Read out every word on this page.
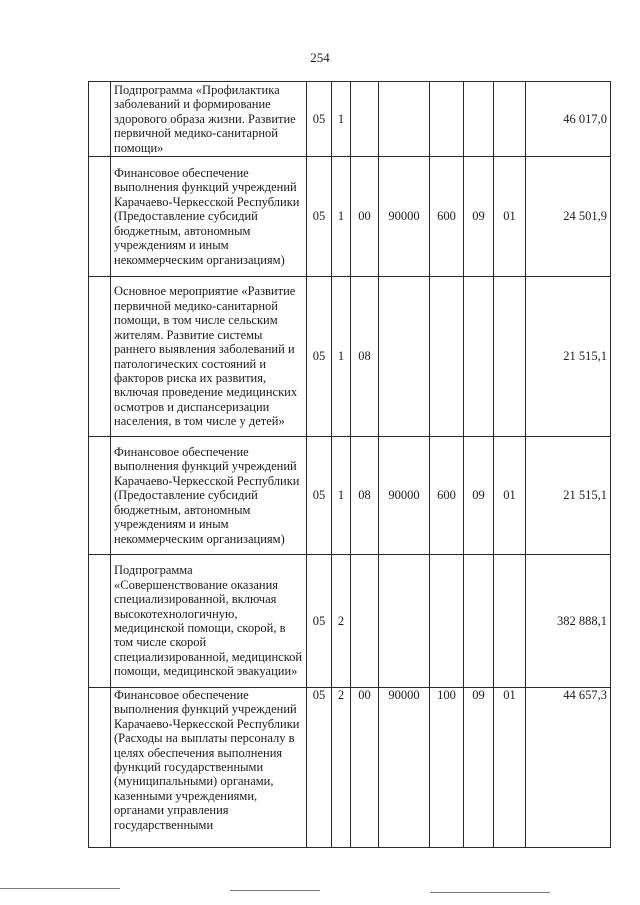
254
	Подпрограмма «Профилактика заболеваний и формирование здорового образа жизни. Развитие первичной медико-санитарной помощи»	05	1						46 017,0
	Финансовое обеспечение выполнения функций учреждений Карачаево-Черкесской Республики (Предоставление субсидий бюджетным, автономным учреждениям и иным некоммерческим организациям)	05	1	00	90000	600	09	01	24 501,9
	Основное мероприятие «Развитие первичной медико-санитарной помощи, в том числе сельским жителям. Развитие системы раннего выявления заболеваний и патологических состояний и факторов риска их развития, включая проведение медицинских осмотров и диспансеризации населения, в том числе у детей»	05	1	08					21 515,1
	Финансовое обеспечение выполнения функций учреждений Карачаево-Черкесской Республики (Предоставление субсидий бюджетным, автономным учреждениям и иным некоммерческим организациям)	05	1	08	90000	600	09	01	21 515,1
	Подпрограмма «Совершенствование оказания специализированной, включая высокотехнологичную, медицинской помощи, скорой, в том числе скорой специализированной, медицинской помощи, медицинской эвакуации»	05	2						382 888,1
	Финансовое обеспечение выполнения функций учреждений Карачаево-Черкесской Республики (Расходы на выплаты персоналу в целях обеспечения выполнения функций государственными (муниципальными) органами, казенными учреждениями, органами управления государственными	05	2	00	90000	100	09	01	44 657,3
